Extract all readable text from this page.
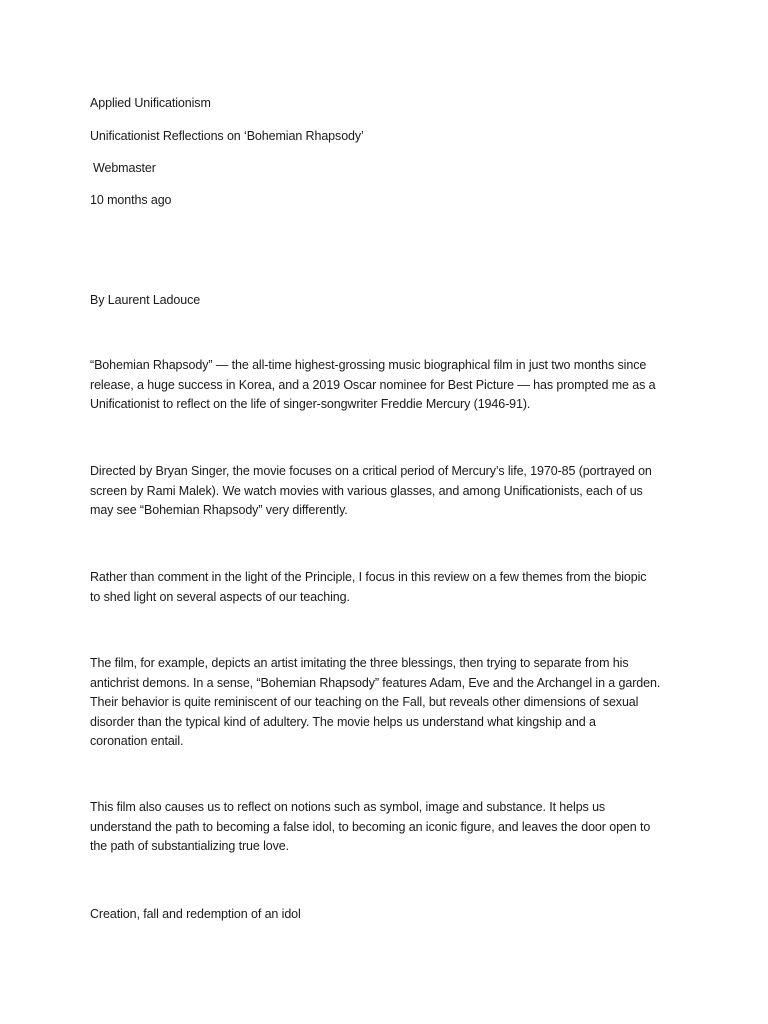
Applied Unificationism
Unificationist Reflections on ‘Bohemian Rhapsody’
Webmaster
10 months ago
By Laurent Ladouce
“Bohemian Rhapsody” — the all-time highest-grossing music biographical film in just two months since
release, a huge success in Korea, and a 2019 Oscar nominee for Best Picture — has prompted me as a
Unificationist to reflect on the life of singer-songwriter Freddie Mercury (1946-91).
Directed by Bryan Singer, the movie focuses on a critical period of Mercury’s life, 1970-85 (portrayed on
screen by Rami Malek). We watch movies with various glasses, and among Unificationists, each of us
may see “Bohemian Rhapsody” very differently.
Rather than comment in the light of the Principle, I focus in this review on a few themes from the biopic
to shed light on several aspects of our teaching.
The film, for example, depicts an artist imitating the three blessings, then trying to separate from his
antichrist demons. In a sense, “Bohemian Rhapsody” features Adam, Eve and the Archangel in a garden.
Their behavior is quite reminiscent of our teaching on the Fall, but reveals other dimensions of sexual
disorder than the typical kind of adultery. The movie helps us understand what kingship and a
coronation entail.
This film also causes us to reflect on notions such as symbol, image and substance. It helps us
understand the path to becoming a false idol, to becoming an iconic figure, and leaves the door open to
the path of substantializing true love.
Creation, fall and redemption of an idol
